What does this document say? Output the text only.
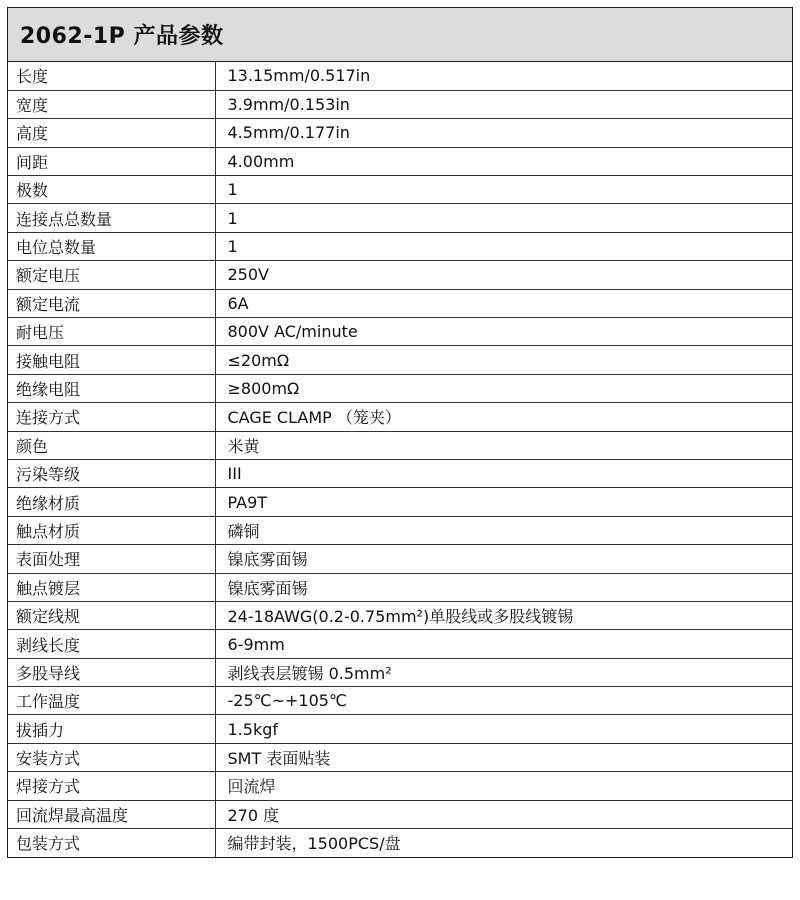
2062-1P 产品参数
长度	13.15mm/0.517in
宽度	3.9mm/0.153in
高度	4.5mm/0.177in
间距	4.00mm
极数	1
连接点总数量	1
电位总数量	1
额定电压	250V
额定电流	6A
耐电压	800V AC/minute
接触电阻	≤20mΩ
绝缘电阻	≥800mΩ
连接方式	CAGE CLAMP （笼夹）
颜色	米黄
污染等级	III
绝缘材质	PA9T
触点材质	磷铜
表面处理	镍底雾面锡
触点镀层	镍底雾面锡
额定线规	24-18AWG(0.2-0.75mm²)单股线或多股线镀锡
剥线长度	6-9mm
多股导线	剥线表层镀锡 0.5mm²
工作温度	-25℃~+105℃
拔插力	1.5kgf
安装方式	SMT 表面贴装
焊接方式	回流焊
回流焊最高温度	270 度
包装方式	编带封装，1500PCS/盘
